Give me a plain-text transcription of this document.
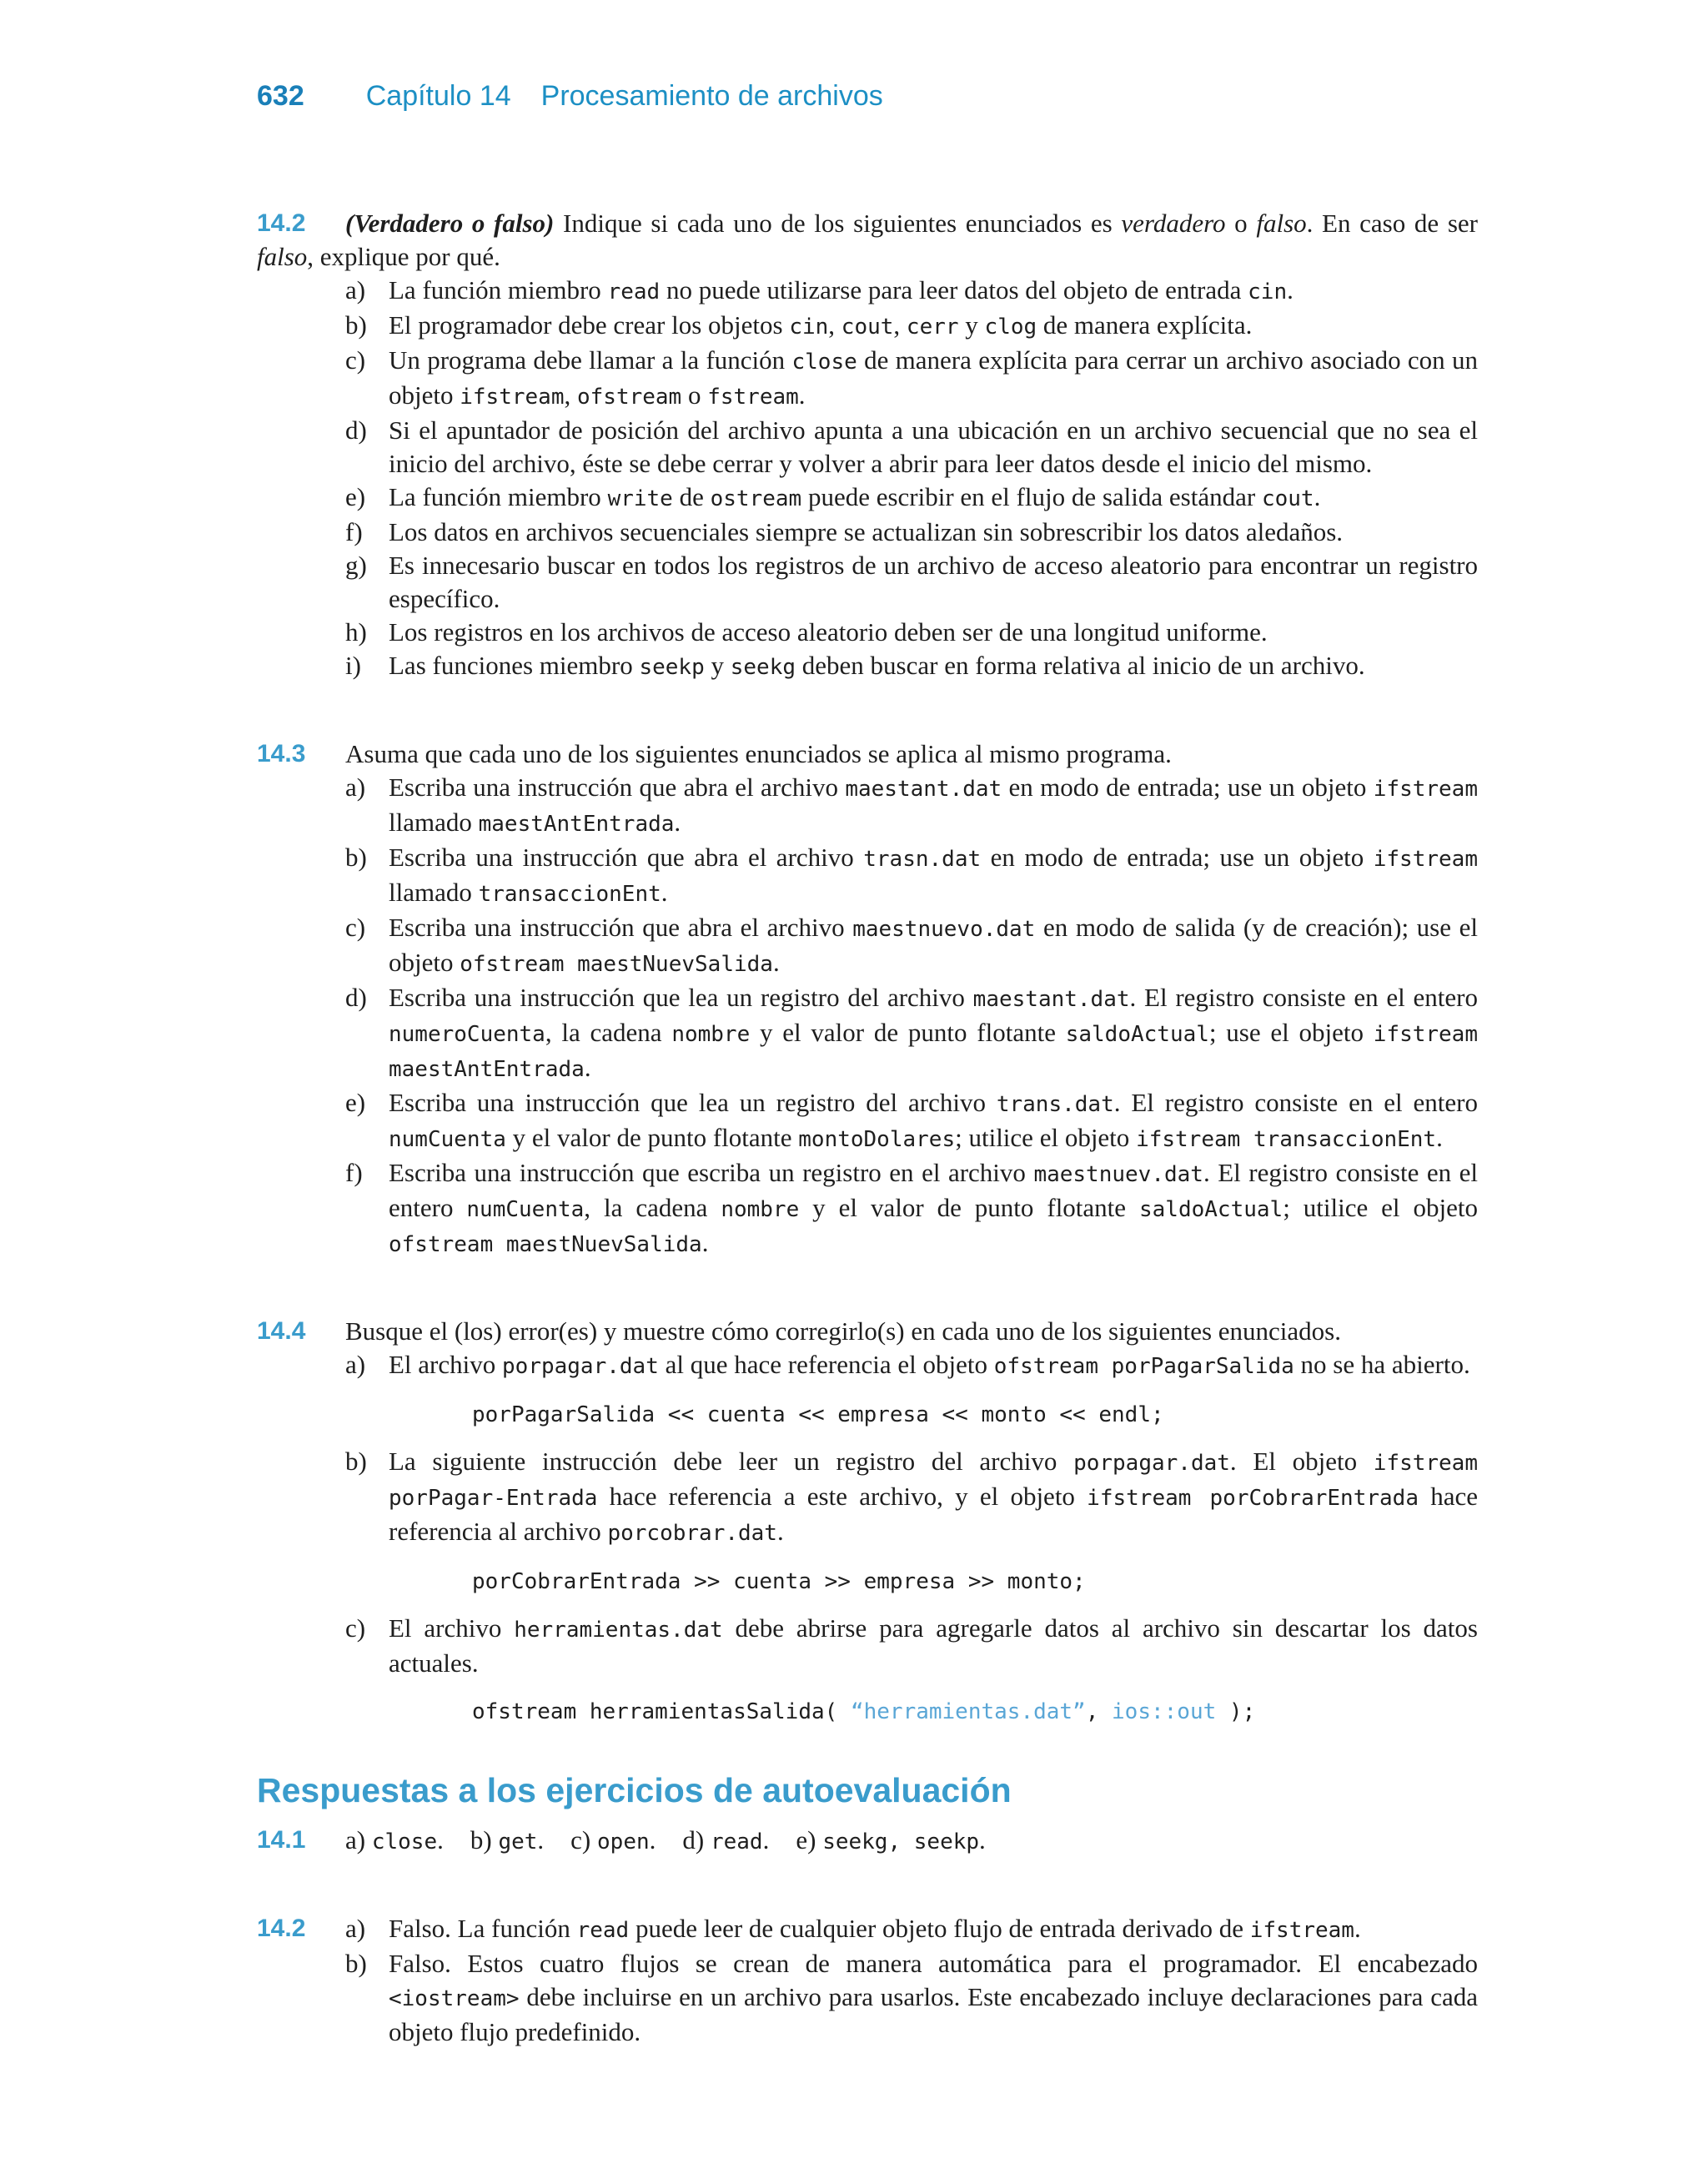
632 Capítulo 14 Procesamiento de archivos
14.2	(Verdadero o falso) Indique si cada uno de los siguientes enunciados es verdadero o falso. En caso de ser falso, explique por qué.
a) La función miembro read no puede utilizarse para leer datos del objeto de entrada cin.
b) El programador debe crear los objetos cin, cout, cerr y clog de manera explícita.
c) Un programa debe llamar a la función close de manera explícita para cerrar un archivo asociado con un objeto ifstream, ofstream o fstream.
d) Si el apuntador de posición del archivo apunta a una ubicación en un archivo secuencial que no sea el inicio del archivo, éste se debe cerrar y volver a abrir para leer datos desde el inicio del mismo.
e) La función miembro write de ostream puede escribir en el flujo de salida estándar cout.
f) Los datos en archivos secuenciales siempre se actualizan sin sobrescribir los datos aledaños.
g) Es innecesario buscar en todos los registros de un archivo de acceso aleatorio para encontrar un registro específico.
h) Los registros en los archivos de acceso aleatorio deben ser de una longitud uniforme.
i) Las funciones miembro seekp y seekg deben buscar en forma relativa al inicio de un archivo.
14.3 Asuma que cada uno de los siguientes enunciados se aplica al mismo programa.
a) Escriba una instrucción que abra el archivo maestant.dat en modo de entrada; use un objeto ifstream llamado maestAntEntrada.
b) Escriba una instrucción que abra el archivo trasn.dat en modo de entrada; use un objeto ifstream llamado transaccionEnt.
c) Escriba una instrucción que abra el archivo maestnuevo.dat en modo de salida (y de creación); use el objeto ofstream maestNuevSalida.
d) Escriba una instrucción que lea un registro del archivo maestant.dat. El registro consiste en el entero numeroCuenta, la cadena nombre y el valor de punto flotante saldoActual; use el objeto ifstream maestAntEntrada.
e) Escriba una instrucción que lea un registro del archivo trans.dat. El registro consiste en el entero numCuenta y el valor de punto flotante montoDolares; utilice el objeto ifstream transaccionEnt.
f) Escriba una instrucción que escriba un registro en el archivo maestnuev.dat. El registro consiste en el entero numCuenta, la cadena nombre y el valor de punto flotante saldoActual; utilice el objeto ofstream maestNuevSalida.
14.4 Busque el (los) error(es) y muestre cómo corregirlo(s) en cada uno de los siguientes enunciados.
a) El archivo porpagar.dat al que hace referencia el objeto ofstream porPagarSalida no se ha abierto.
porPagarSalida << cuenta << empresa << monto << endl;
b) La siguiente instrucción debe leer un registro del archivo porpagar.dat. El objeto ifstream porPagar-Entrada hace referencia a este archivo, y el objeto ifstream porCobrarEntrada hace referencia al archivo porcobrar.dat.
porCobrarEntrada >> cuenta >> empresa >> monto;
c) El archivo herramientas.dat debe abrirse para agregarle datos al archivo sin descartar los datos actuales.
ofstream herramientasSalida( “herramientas.dat”, ios::out );
Respuestas a los ejercicios de autoevaluación
14.1 a) close. b) get. c) open. d) read. e) seekg, seekp.
14.2 a) Falso. La función read puede leer de cualquier objeto flujo de entrada derivado de ifstream.
b) Falso. Estos cuatro flujos se crean de manera automática para el programador. El encabezado <iostream> debe incluirse en un archivo para usarlos. Este encabezado incluye declaraciones para cada objeto flujo predefinido.
